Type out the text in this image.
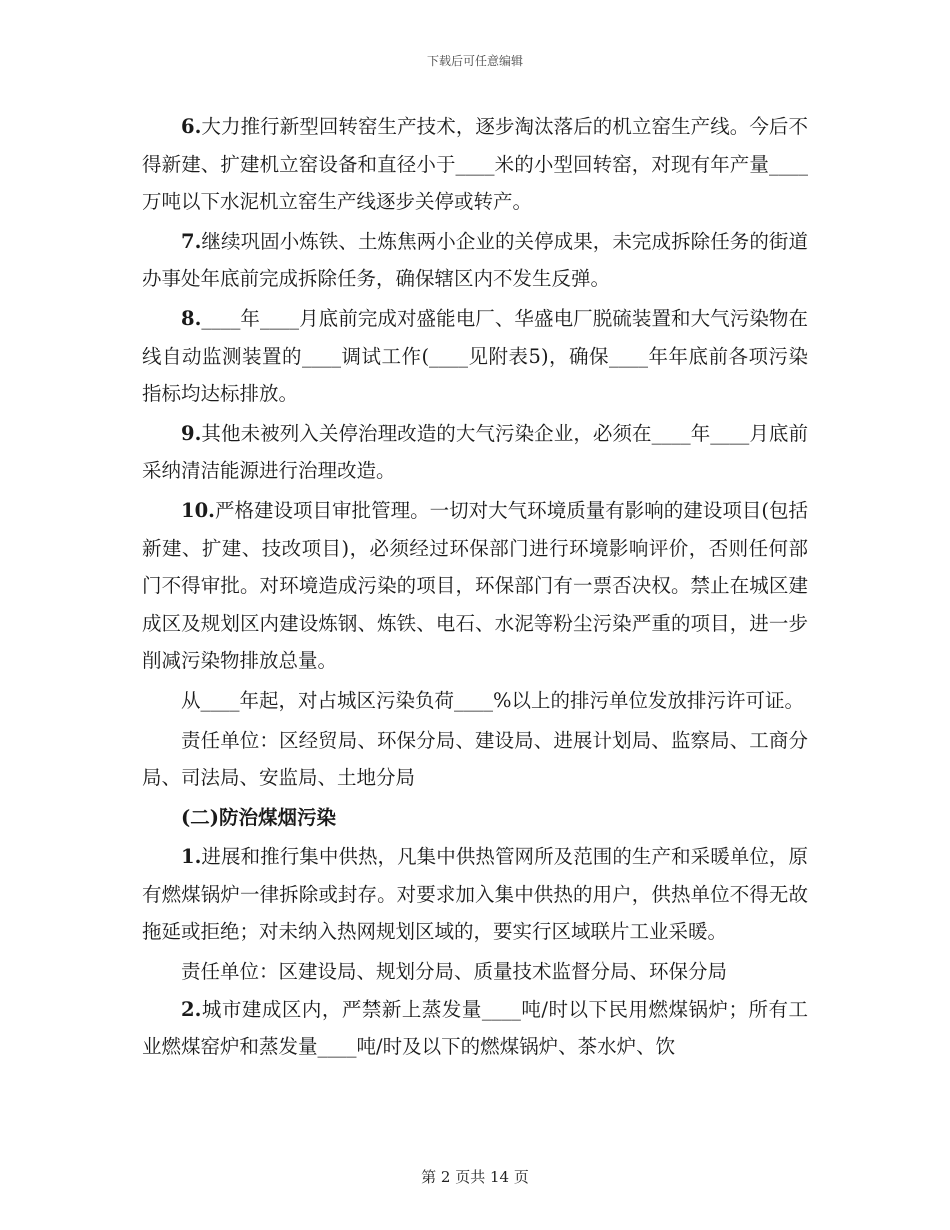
下载后可任意编辑

6.大力推行新型回转窑生产技术，逐步淘汰落后的机立窑生产线。今后不得新建、扩建机立窑设备和直径小于____米的小型回转窑，对现有年产量____万吨以下水泥机立窑生产线逐步关停或转产。

7.继续巩固小炼铁、土炼焦两小企业的关停成果，未完成拆除任务的街道办事处年底前完成拆除任务，确保辖区内不发生反弹。

8.____年____月底前完成对盛能电厂、华盛电厂脱硫装置和大气污染物在线自动监测装置的____调试工作(____见附表5)，确保____年年底前各项污染指标均达标排放。

9.其他未被列入关停治理改造的大气污染企业，必须在____年____月底前采纳清洁能源进行治理改造。

10.严格建设项目审批管理。一切对大气环境质量有影响的建设项目(包括新建、扩建、技改项目)，必须经过环保部门进行环境影响评价，否则任何部门不得审批。对环境造成污染的项目，环保部门有一票否决权。禁止在城区建成区及规划区内建设炼钢、炼铁、电石、水泥等粉尘污染严重的项目，进一步削减污染物排放总量。

从____年起，对占城区污染负荷____%以上的排污单位发放排污许可证。

责任单位：区经贸局、环保分局、建设局、进展计划局、监察局、工商分局、司法局、安监局、土地分局

(二)防治煤烟污染

1.进展和推行集中供热，凡集中供热管网所及范围的生产和采暖单位，原有燃煤锅炉一律拆除或封存。对要求加入集中供热的用户，供热单位不得无故拖延或拒绝；对未纳入热网规划区域的，要实行区域联片工业采暖。

责任单位：区建设局、规划分局、质量技术监督分局、环保分局

2.城市建成区内，严禁新上蒸发量____吨/时以下民用燃煤锅炉；所有工业燃煤窑炉和蒸发量____吨/时及以下的燃煤锅炉、茶水炉、饮

第 2 页共 14 页
